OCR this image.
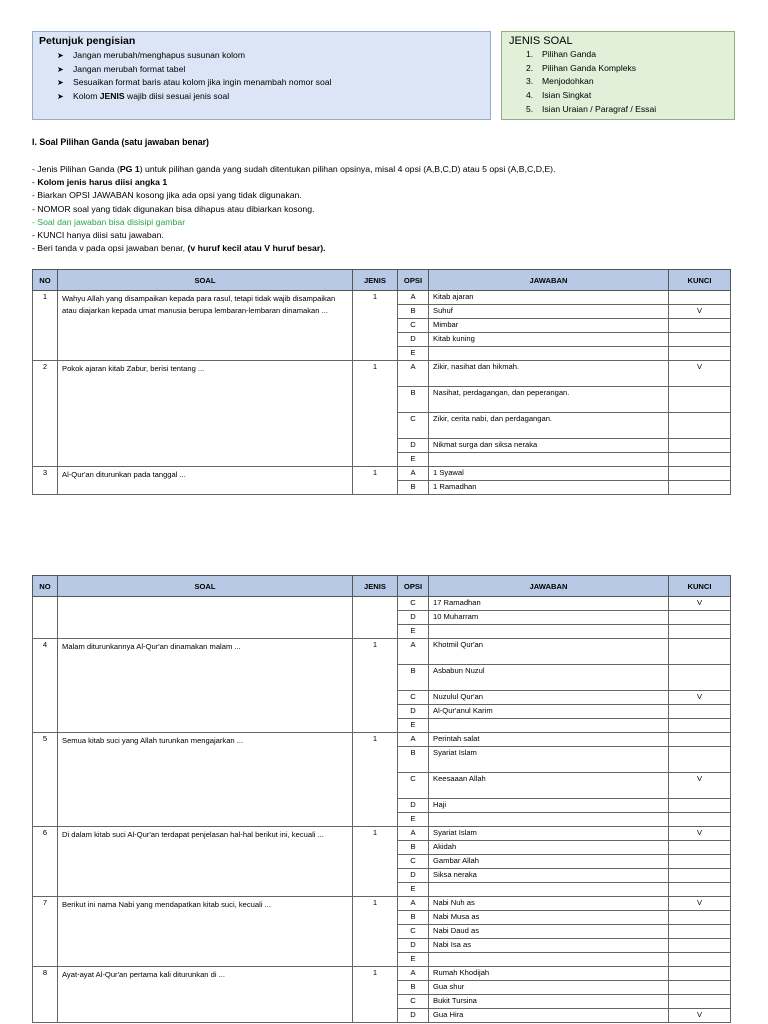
Petunjuk pengisian
➤ Jangan merubah/menghapus susunan kolom
➤ Jangan merubah format tabel
➤ Sesuaikan format baris atau kolom jika ingin menambah nomor soal
➤ Kolom JENIS wajib diisi sesuai jenis soal
JENIS SOAL
1. Pilihan Ganda
2. Pilihan Ganda Kompleks
3. Menjodohkan
4. Isian Singkat
5. Isian Uraian / Paragraf / Essai
I. Soal Pilihan Ganda (satu jawaban benar)
- Jenis Pilihan Ganda (PG 1) untuk pilihan ganda yang sudah ditentukan pilihan opsinya, misal 4 opsi (A,B,C,D) atau 5 opsi (A,B,C,D,E).
- Kolom jenis harus diisi angka 1
- Biarkan OPSI JAWABAN kosong jika ada opsi yang tidak digunakan.
- NOMOR soal yang tidak digunakan bisa dihapus atau dibiarkan kosong.
- Soal dan jawaban bisa disisipi gambar
- KUNCI hanya diisi satu jawaban.
- Beri tanda v pada opsi jawaban benar, (v huruf kecil atau V huruf besar).
NO	SOAL	JENIS	OPSI	JAWABAN	KUNCI
1	Wahyu Allah yang disampaikan kepada para rasul, tetapi tidak wajib disampaikan atau diajarkan kepada umat manusia berupa lembaran-lembaran dinamakan ...	1	A	Kitab ajaran	
			B	Suhuf	V
			C	Mimbar	
			D	Kitab kuning	
			E		
2	Pokok ajaran kitab Zabur, berisi tentang ...	1	A	Zikir, nasihat dan hikmah.	V
			B	Nasihat, perdagangan, dan peperangan.	
			C	Zikir, cerita nabi, dan perdagangan.	
			D	Nikmat surga dan siksa neraka	
			E		
3	Al-Qur'an diturunkan pada tanggal ...	1	A	1 Syawal	
			B	1 Ramadhan	
NO	SOAL	JENIS	OPSI	JAWABAN	KUNCI
			C	17 Ramadhan	V
			D	10 Muharram	
			E		
4	Malam diturunkannya Al-Qur'an dinamakan malam ...	1	A	Khotmil Qur'an	
			B	Asbabun Nuzul	
			C	Nuzulul Qur'an	V
			D	Al-Qur'anul Karim	
			E		
5	Semua kitab suci yang Allah turunkan mengajarkan ...	1	A	Perintah salat	
			B	Syariat Islam	
			C	Keesaaan Allah	V
			D	Haji	
			E		
6	Di dalam kitab suci Al-Qur'an terdapat penjelasan hal-hal berikut ini, kecuali ...	1	A	Syariat Islam	V
			B	Akidah	
			C	Gambar Allah	
			D	Siksa neraka	
			E		
7	Berikut ini nama Nabi yang mendapatkan kitab suci, kecuali ...	1	A	Nabi Nuh as	V
			B	Nabi Musa as	
			C	Nabi Daud as	
			D	Nabi Isa as	
			E		
8	Ayat-ayat Al-Qur'an pertama kali diturunkan di ...	1	A	Rumah Khodijah	
			B	Gua shur	
			C	Bukit Tursina	
			D	Gua Hira	V
